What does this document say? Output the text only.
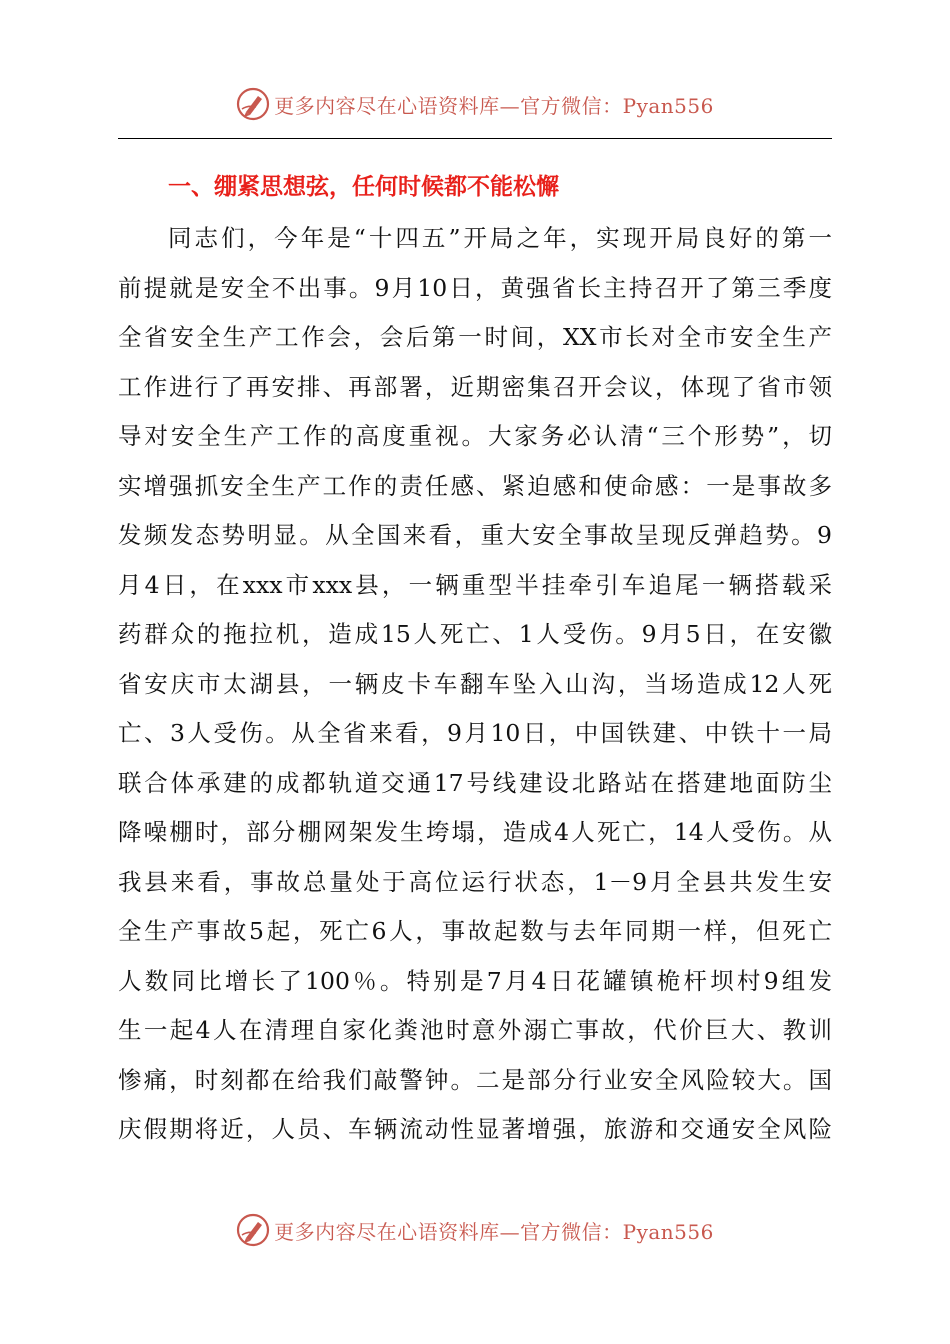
更多内容尽在心语资料库—官方微信：Pyan556
一、绷紧思想弦，任何时候都不能松懈
同志们，今年是“十四五”开局之年，实现开局良好的第一
前提就是安全不出事。9月10日，黄强省长主持召开了第三季度
全省安全生产工作会，会后第一时间，XX市长对全市安全生产
工作进行了再安排、再部署，近期密集召开会议，体现了省市领
导对安全生产工作的高度重视。大家务必认清“三个形势”，切
实增强抓安全生产工作的责任感、紧迫感和使命感：一是事故多
发频发态势明显。从全国来看，重大安全事故呈现反弹趋势。9
月4日，在xxx市xxx县，一辆重型半挂牵引车追尾一辆搭载采
药群众的拖拉机，造成15人死亡、1人受伤。9月5日，在安徽
省安庆市太湖县，一辆皮卡车翻车坠入山沟，当场造成12人死
亡、3人受伤。从全省来看，9月10日，中国铁建、中铁十一局
联合体承建的成都轨道交通17号线建设北路站在搭建地面防尘
降噪棚时，部分棚网架发生垮塌，造成4人死亡，14人受伤。从
我县来看，事故总量处于高位运行状态，1－9月全县共发生安
全生产事故5起，死亡6人，事故起数与去年同期一样，但死亡
人数同比增长了100％。特别是7月4日花罐镇桅杆坝村9组发
生一起4人在清理自家化粪池时意外溺亡事故，代价巨大、教训
惨痛，时刻都在给我们敲警钟。二是部分行业安全风险较大。国
庆假期将近，人员、车辆流动性显著增强，旅游和交通安全风险
更多内容尽在心语资料库—官方微信：Pyan556
